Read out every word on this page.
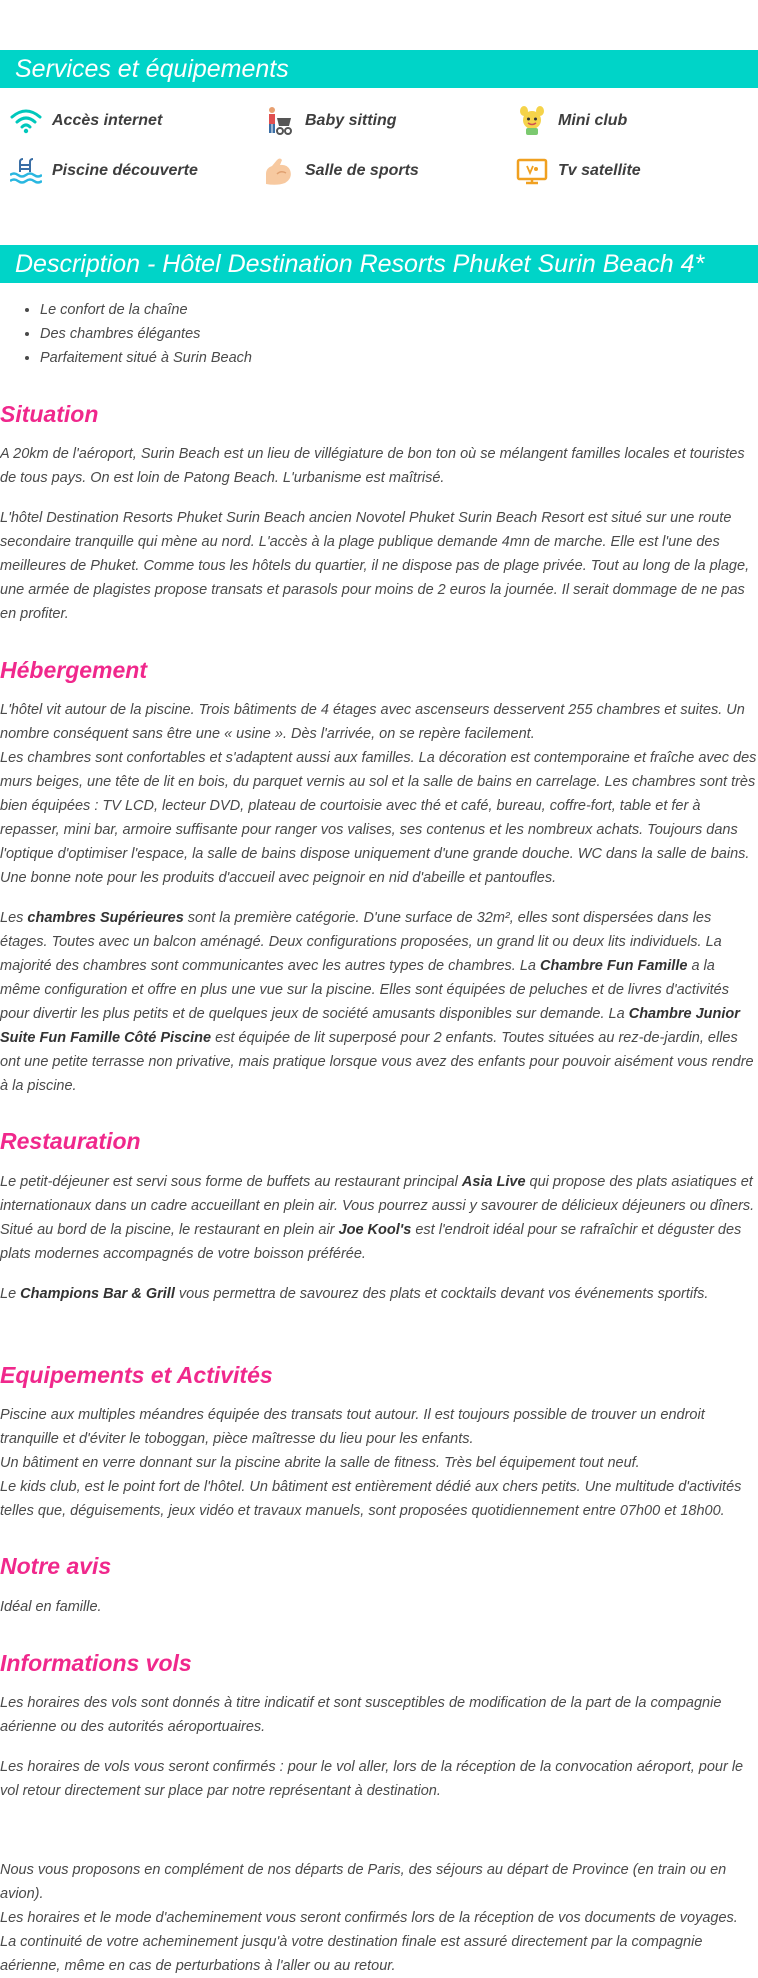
Services et équipements
Accès internet	Baby sitting	Mini club
Piscine découverte	Salle de sports	Tv satellite
Description - Hôtel Destination Resorts Phuket Surin Beach 4*
• Le confort de la chaîne
• Des chambres élégantes
• Parfaitement situé à Surin Beach
Situation

A 20km de l'aéroport, Surin Beach est un lieu de villégiature de bon ton où se mélangent familles locales et touristes de tous pays. On est loin de Patong Beach. L'urbanisme est maîtrisé.

L'hôtel Destination Resorts Phuket Surin Beach ancien Novotel Phuket Surin Beach Resort est situé sur une route secondaire tranquille qui mène au nord. L'accès à la plage publique demande 4mn de marche. Elle est l'une des meilleures de Phuket. Comme tous les hôtels du quartier, il ne dispose pas de plage privée. Tout au long de la plage, une armée de plagistes propose transats et parasols pour moins de 2 euros la journée. Il serait dommage de ne pas en profiter.

Hébergement

L'hôtel vit autour de la piscine. Trois bâtiments de 4 étages avec ascenseurs desservent 255 chambres et suites. Un nombre conséquent sans être une « usine ». Dès l'arrivée, on se repère facilement.
Les chambres sont confortables et s'adaptent aussi aux familles. La décoration est contemporaine et fraîche avec des murs beiges, une tête de lit en bois, du parquet vernis au sol et la salle de bains en carrelage. Les chambres sont très bien équipées : TV LCD, lecteur DVD, plateau de courtoisie avec thé et café, bureau, coffre-fort, table et fer à repasser, mini bar, armoire suffisante pour ranger vos valises, ses contenus et les nombreux achats. Toujours dans l'optique d'optimiser l'espace, la salle de bains dispose uniquement d'une grande douche. WC dans la salle de bains. Une bonne note pour les produits d'accueil avec peignoir en nid d'abeille et pantoufles.

Les chambres Supérieures sont la première catégorie. D'une surface de 32m², elles sont dispersées dans les étages. Toutes avec un balcon aménagé. Deux configurations proposées, un grand lit ou deux lits individuels. La majorité des chambres sont communicantes avec les autres types de chambres. La Chambre Fun Famille a la même configuration et offre en plus une vue sur la piscine. Elles sont équipées de peluches et de livres d'activités pour divertir les plus petits et de quelques jeux de société amusants disponibles sur demande. La Chambre Junior Suite Fun Famille Côté Piscine est équipée de lit superposé pour 2 enfants. Toutes situées au rez-de-jardin, elles ont une petite terrasse non privative, mais pratique lorsque vous avez des enfants pour pouvoir aisément vous rendre à la piscine.

Restauration

Le petit-déjeuner est servi sous forme de buffets au restaurant principal Asia Live qui propose des plats asiatiques et internationaux dans un cadre accueillant en plein air. Vous pourrez aussi y savourer de délicieux déjeuners ou dîners. Situé au bord de la piscine, le restaurant en plein air Joe Kool's est l'endroit idéal pour se rafraîchir et déguster des plats modernes accompagnés de votre boisson préférée.

Le Champions Bar & Grill vous permettra de savourez des plats et cocktails devant vos événements sportifs.

Equipements et Activités

Piscine aux multiples méandres équipée des transats tout autour. Il est toujours possible de trouver un endroit tranquille et d'éviter le toboggan, pièce maîtresse du lieu pour les enfants.
Un bâtiment en verre donnant sur la piscine abrite la salle de fitness. Très bel équipement tout neuf.
Le kids club, est le point fort de l'hôtel. Un bâtiment est entièrement dédié aux chers petits. Une multitude d'activités telles que, déguisements, jeux vidéo et travaux manuels, sont proposées quotidiennement entre 07h00 et 18h00.

Notre avis

Idéal en famille.

Informations vols

Les horaires des vols sont donnés à titre indicatif et sont susceptibles de modification de la part de la compagnie aérienne ou des autorités aéroportuaires.

Les horaires de vols vous seront confirmés : pour le vol aller, lors de la réception de la convocation aéroport, pour le vol retour directement sur place par notre représentant à destination.

Nous vous proposons en complément de nos départs de Paris, des séjours au départ de Province (en train ou en avion).
Les horaires et le mode d'acheminement vous seront confirmés lors de la réception de vos documents de voyages.
La continuité de votre acheminement jusqu'à votre destination finale est assuré directement par la compagnie aérienne, même en cas de perturbations à l'aller ou au retour.
